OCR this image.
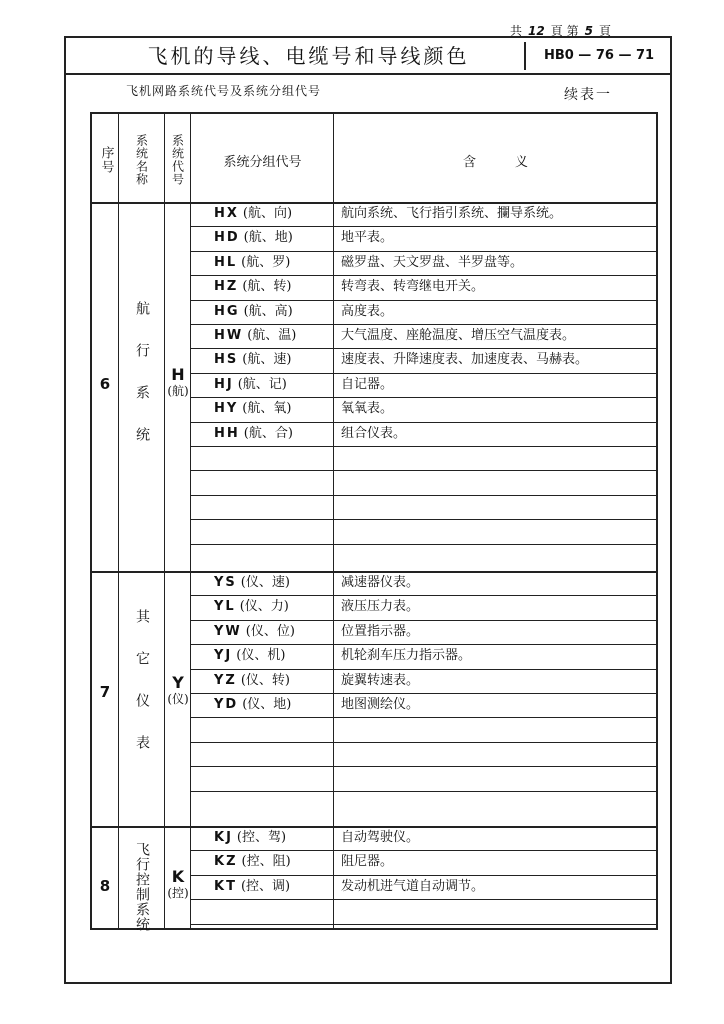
共 12 頁 第 5 頁
飞机的导线、电缆号和导线颜色	HB0 — 76 — 71
飞机网路系统代号及系统分组代号	续表一
序号	系统名称	系统代号	系统分组代号	含　　　义
6	航行系统	H
(航)
HX (航、向)	航向系统、飞行指引系统、攔导系统。
HD (航、地)	地平表。
HL (航、罗)	磁罗盘、天文罗盘、半罗盘等。
HZ (航、转)	转弯表、转弯继电开关。
HG (航、高)	高度表。
HW (航、温)	大气温度、座舱温度、增压空气温度表。
HS (航、速)	速度表、升降速度表、加速度表、马赫表。
HJ (航、记)	自记器。
HY (航、氧)	氧氧表。
HH (航、合)	组合仪表。
7	其它仪表	Y
(仪)
YS (仪、速)	减速器仪表。
YL (仪、力)	液压压力表。
YW (仪、位)	位置指示器。
YJ (仪、机)	机轮刹车压力指示器。
YZ (仪、转)	旋翼转速表。
YD (仪、地)	地图测绘仪。
8	飞行控制系统	K
(控)
KJ (控、驾)	自动驾驶仪。
KZ (控、阻)	阻尼器。
KT (控、调)	发动机进气道自动调节。
